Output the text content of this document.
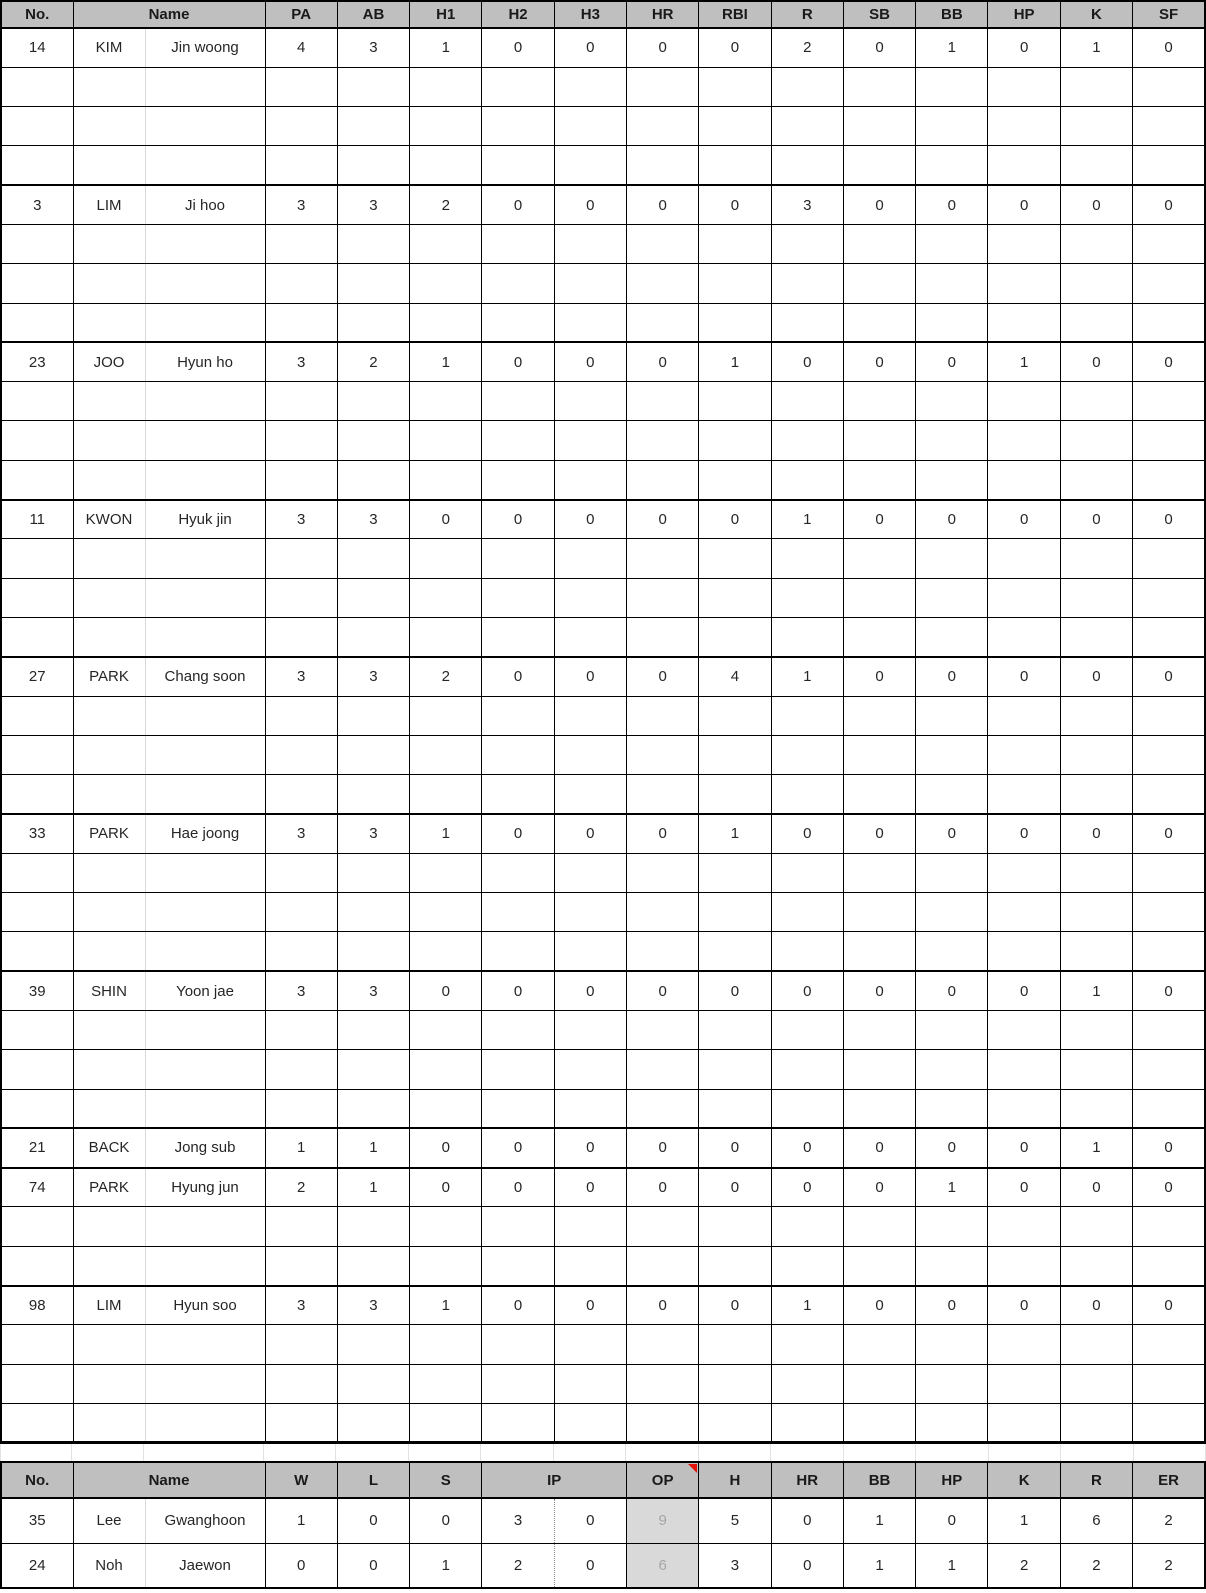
No.	Name		PA	AB	H1	H2	H3	HR	RBI	R	SB	BB	HP	K	SF
14	KIM	Jin woong	4	3	1	0	0	0	0	2	0	1	0	1	0

3	LIM	Ji hoo	3	3	2	0	0	0	0	3	0	0	0	0	0

23	JOO	Hyun ho	3	2	1	0	0	0	1	0	0	0	1	0	0

11	KWON	Hyuk jin	3	3	0	0	0	0	0	1	0	0	0	0	0

27	PARK	Chang soon	3	3	2	0	0	0	4	1	0	0	0	0	0

33	PARK	Hae joong	3	3	1	0	0	0	1	0	0	0	0	0	0

39	SHIN	Yoon jae	3	3	0	0	0	0	0	0	0	0	0	1	0

21	BACK	Jong sub	1	1	0	0	0	0	0	0	0	0	0	1	0
74	PARK	Hyung jun	2	1	0	0	0	0	0	0	0	1	0	0	0

98	LIM	Hyun soo	3	3	1	0	0	0	0	1	0	0	0	0	0

No.	Name		W	L	S	IP		OP	H	HR	BB	HP	K	R	ER
35	Lee	Gwanghoon	1	0	0	3	0	9	5	0	1	0	1	6	2
24	Noh	Jaewon	0	0	1	2	0	6	3	0	1	1	2	2	2
